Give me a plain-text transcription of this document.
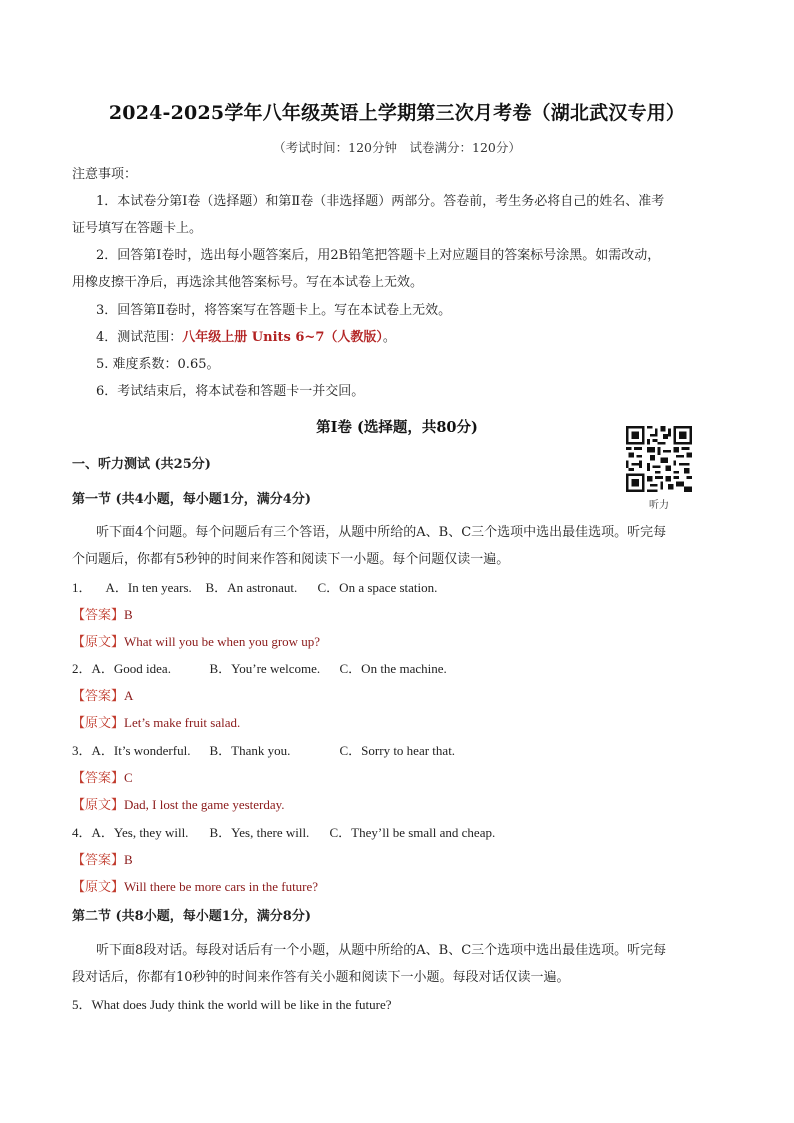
2024-2025学年八年级英语上学期第三次月考卷（湖北武汉专用）
（考试时间：120分钟　试卷满分：120分）
注意事项：
1．本试卷分第Ⅰ卷（选择题）和第Ⅱ卷（非选择题）两部分。答卷前，考生务必将自己的姓名、准考
证号填写在答题卡上。
2．回答第Ⅰ卷时，选出每小题答案后，用2B铅笔把答题卡上对应题目的答案标号涂黑。如需改动，
用橡皮擦干净后，再选涂其他答案标号。写在本试卷上无效。
3．回答第Ⅱ卷时，将答案写在答题卡上。写在本试卷上无效。
4．测试范围：八年级上册 Units 6~7（人教版）。
5. 难度系数：0.65。
6．考试结束后，将本试卷和答题卡一并交回。
第Ⅰ卷 (选择题，共80分)
听力
一、听力测试 (共25分)
第一节 (共4小题，每小题1分，满分4分)
听下面4个问题。每个问题后有三个答语，从题中所给的A、B、C三个选项中选出最佳选项。听完每
个问题后，你都有5秒钟的时间来作答和阅读下一小题。每个问题仅读一遍。
1． A．In ten years. B．An astronaut. C．On a space station.
【答案】B
【原文】What will you be when you grow up?
2．A．Good idea.	B．You’re welcome. C．On the machine.
【答案】A
【原文】Let’s make fruit salad.
3．A．It’s wonderful. B．Thank you.	C．Sorry to hear that.
【答案】C
【原文】Dad, I lost the game yesterday.
4．A．Yes, they will. B．Yes, there will. C．They’ll be small and cheap.
【答案】B
【原文】Will there be more cars in the future?
第二节 (共8小题，每小题1分，满分8分)
听下面8段对话。每段对话后有一个小题，从题中所给的A、B、C三个选项中选出最佳选项。听完每
段对话后，你都有10秒钟的时间来作答有关小题和阅读下一小题。每段对话仅读一遍。
5．What does Judy think the world will be like in the future?
